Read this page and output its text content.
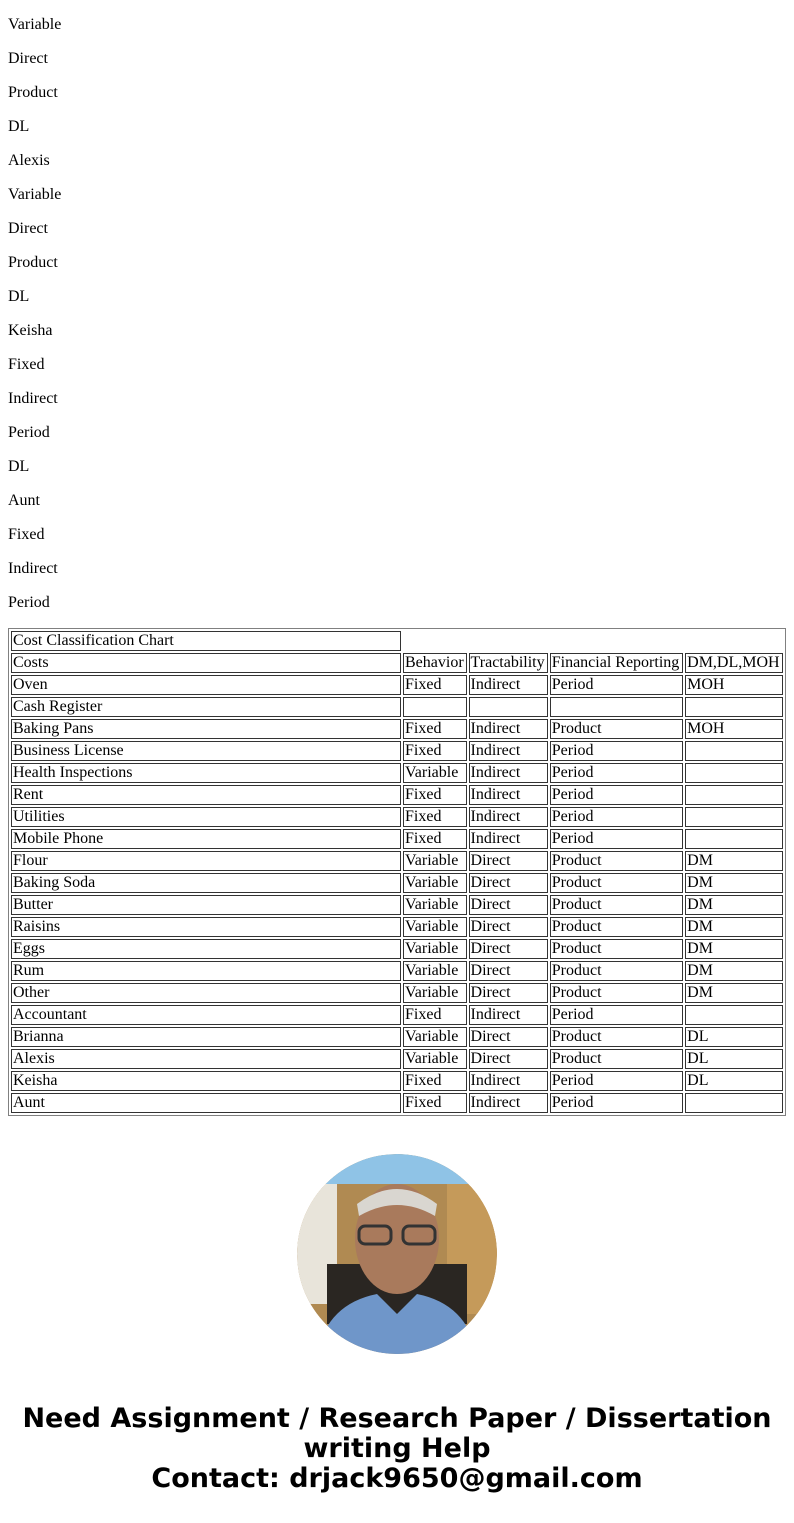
Variable

Direct

Product

DL

Alexis

Variable

Direct

Product

DL

Keisha

Fixed

Indirect

Period

DL

Aunt

Fixed

Indirect

Period

Cost Classification Chart				
Costs	Behavior	Tractability	Financial Reporting	DM,DL,MOH
Oven	Fixed	Indirect	Period	MOH
Cash Register				
Baking Pans	Fixed	Indirect	Product	MOH
Business License	Fixed	Indirect	Period	
Health Inspections	Variable	Indirect	Period	
Rent	Fixed	Indirect	Period	
Utilities	Fixed	Indirect	Period	
Mobile Phone	Fixed	Indirect	Period	
Flour	Variable	Direct	Product	DM
Baking Soda	Variable	Direct	Product	DM
Butter	Variable	Direct	Product	DM
Raisins	Variable	Direct	Product	DM
Eggs	Variable	Direct	Product	DM
Rum	Variable	Direct	Product	DM
Other	Variable	Direct	Product	DM
Accountant	Fixed	Indirect	Period	
Brianna	Variable	Direct	Product	DL
Alexis	Variable	Direct	Product	DL
Keisha	Fixed	Indirect	Period	DL
Aunt	Fixed	Indirect	Period	
Need Assignment / Research Paper / Dissertation writing Help
Contact: drjack9650@gmail.com
